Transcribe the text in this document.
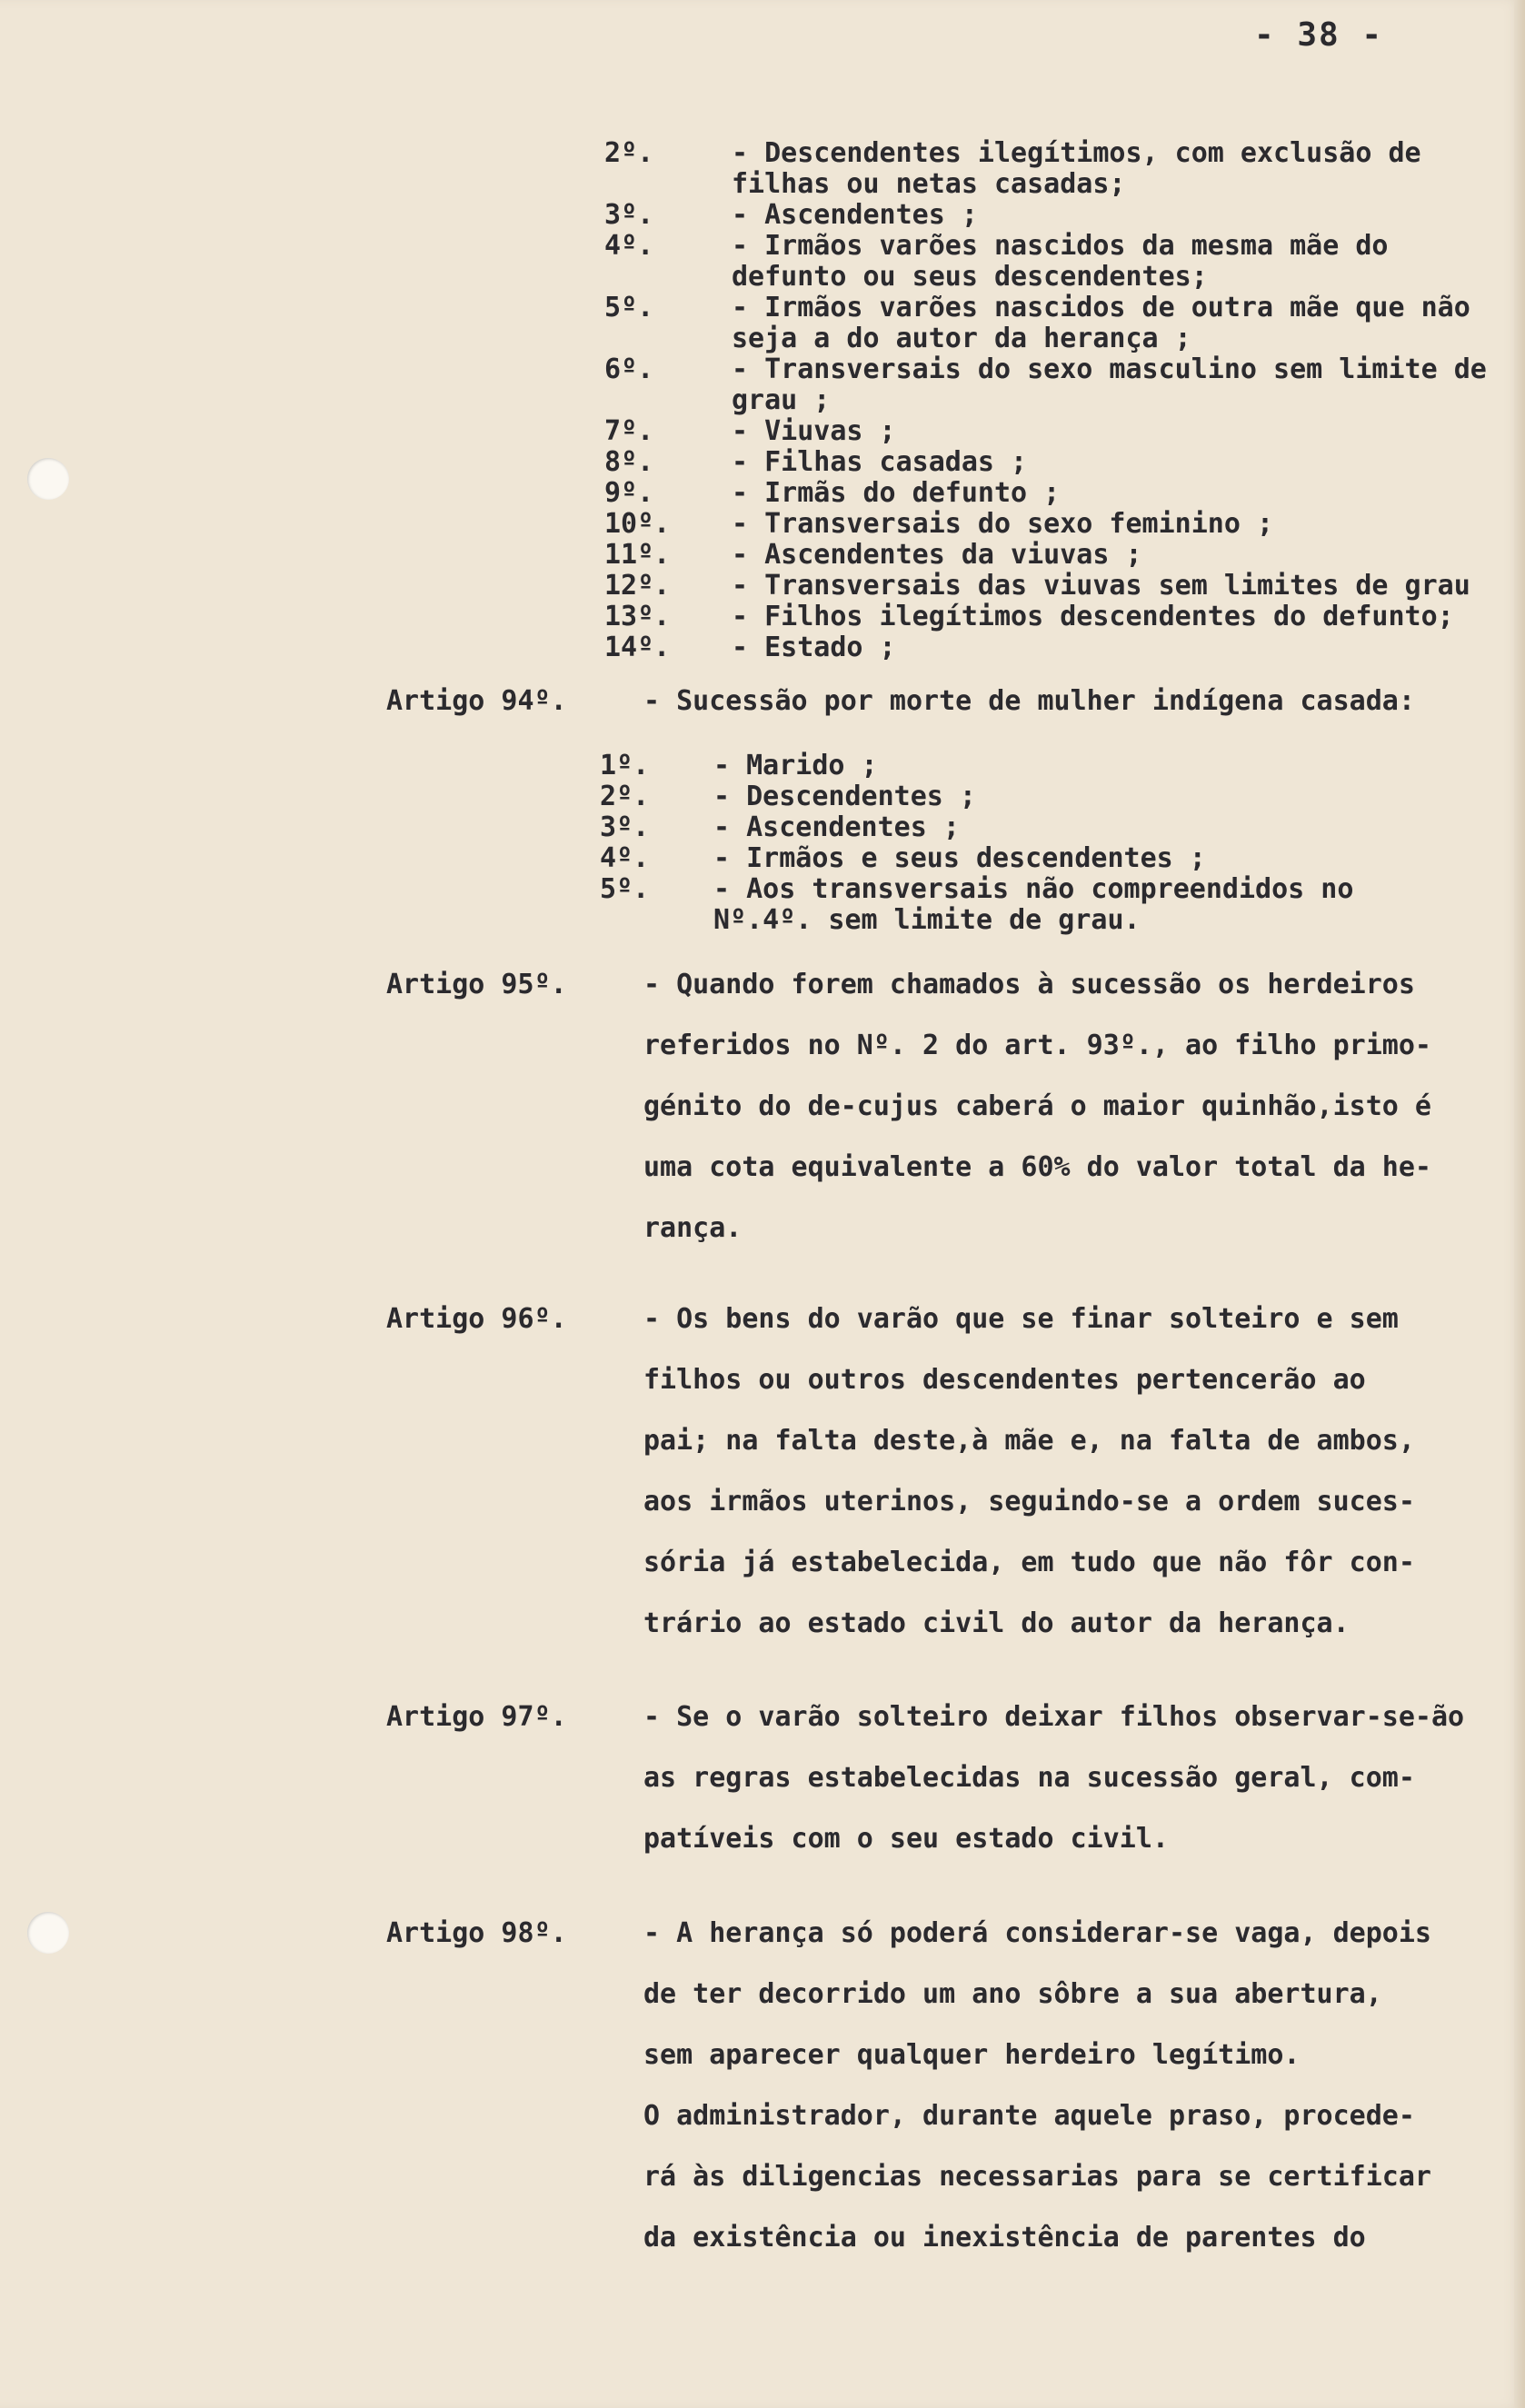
- 38 -
2º.	- Descendentes ilegítimos, com exclusão de filhas ou netas casadas;
3º.	- Ascendentes ;
4º.	- Irmãos varões nascidos da mesma mãe do defunto ou seus descendentes;
5º.	- Irmãos varões nascidos de outra mãe que não seja a do autor da herança ;
6º.	- Transversais do sexo masculino sem limite de grau ;
7º.	- Viuvas ;
8º.	- Filhas casadas ;
9º.	- Irmãs do defunto ;
10º.	- Transversais do sexo feminino ;
11º.	- Ascendentes da viuvas ;
12º.	- Transversais das viuvas sem limites de grau
13º.	- Filhos ilegítimos descendentes do defunto;
14º.	- Estado ;
Artigo 94º.	- Sucessão por morte de mulher indígena casada:
1º.	- Marido ;
2º.	- Descendentes ;
3º.	- Ascendentes ;
4º.	- Irmãos e seus descendentes ;
5º.	- Aos transversais não compreendidos no Nº.4º. sem limite de grau.
Artigo 95º.	- Quando forem chamados à sucessão os herdeiros
referidos no Nº. 2 do art. 93º., ao filho primo-
génito do de-cujus caberá o maior quinhão,isto é
uma cota equivalente a 60% do valor total da he-
rança.
Artigo 96º.	- Os bens do varão que se finar solteiro e sem
filhos ou outros descendentes pertencerão ao
pai; na falta deste,à mãe e, na falta de ambos,
aos irmãos uterinos, seguindo-se a ordem suces-
sória já estabelecida, em tudo que não fôr con-
trário ao estado civil do autor da herança.
Artigo 97º.	- Se o varão solteiro deixar filhos observar-se-ão
as regras estabelecidas na sucessão geral, com-
patíveis com o seu estado civil.
Artigo 98º.	- A herança só poderá considerar-se vaga, depois
de ter decorrido um ano sôbre a sua abertura,
sem aparecer qualquer herdeiro legítimo.
O administrador, durante aquele praso, procede-
rá às diligencias necessarias para se certificar
da existência ou inexistência de parentes do
